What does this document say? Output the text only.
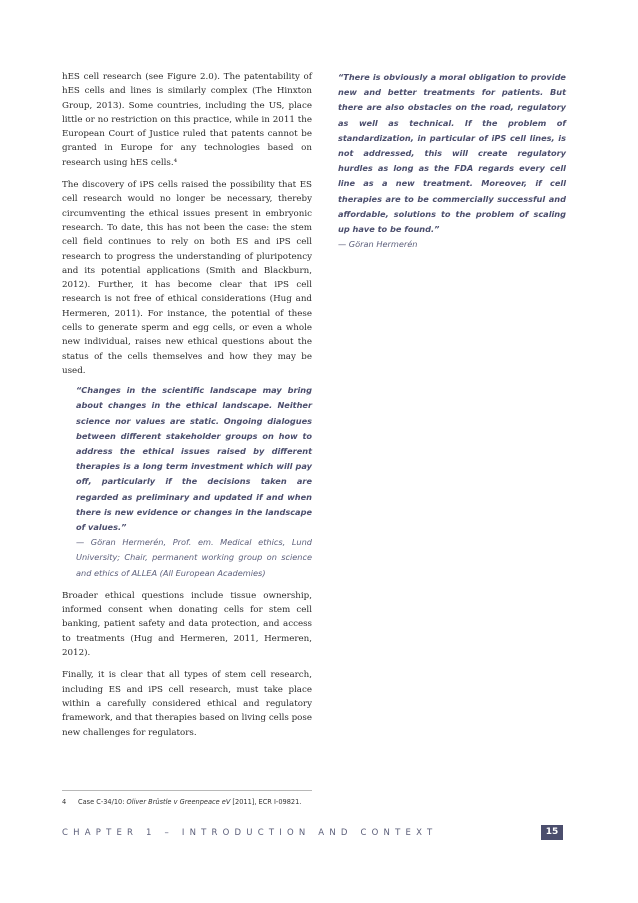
hES cell research (see Figure 2.0). The patentability of hES cells and lines is similarly complex (The Hinxton Group, 2013). Some countries, including the US, place little or no restriction on this practice, while in 2011 the European Court of Justice ruled that patents cannot be granted in Europe for any technologies based on research using hES cells.⁴

The discovery of iPS cells raised the possibility that ES cell research would no longer be necessary, thereby circumventing the ethical issues present in embryonic research. To date, this has not been the case: the stem cell field continues to rely on both ES and iPS cell research to progress the understanding of pluripotency and its potential applications (Smith and Blackburn, 2012). Further, it has become clear that iPS cell research is not free of ethical considerations (Hug and Hermeren, 2011). For instance, the potential of these cells to generate sperm and egg cells, or even a whole new individual, raises new ethical questions about the status of the cells themselves and how they may be used.

“Changes in the scientific landscape may bring about changes in the ethical landscape. Neither science nor values are static. Ongoing dialogues between different stakeholder groups on how to address the ethical issues raised by different therapies is a long term investment which will pay off, particularly if the decisions taken are regarded as preliminary and updated if and when there is new evidence or changes in the landscape of values.”
— Göran Hermerén, Prof. em. Medical ethics, Lund University; Chair, permanent working group on science and ethics of ALLEA (All European Academies)

Broader ethical questions include tissue ownership, informed consent when donating cells for stem cell banking, patient safety and data protection, and access to treatments (Hug and Hermeren, 2011, Hermeren, 2012).

Finally, it is clear that all types of stem cell research, including ES and iPS cell research, must take place within a carefully considered ethical and regulatory framework, and that therapies based on living cells pose new challenges for regulators.

“There is obviously a moral obligation to provide new and better treatments for patients. But there are also obstacles on the road, regulatory as well as technical. If the problem of standardization, in particular of iPS cell lines, is not addressed, this will create regulatory hurdles as long as the FDA regards every cell line as a new treatment. Moreover, if cell therapies are to be commercially successful and affordable, solutions to the problem of scaling up have to be found.”
— Göran Hermerén
4 Case C-34/10: Oliver Brüstle v Greenpeace eV [2011], ECR I-09821.
CHAPTER 1 – INTRODUCTION AND CONTEXT	15
